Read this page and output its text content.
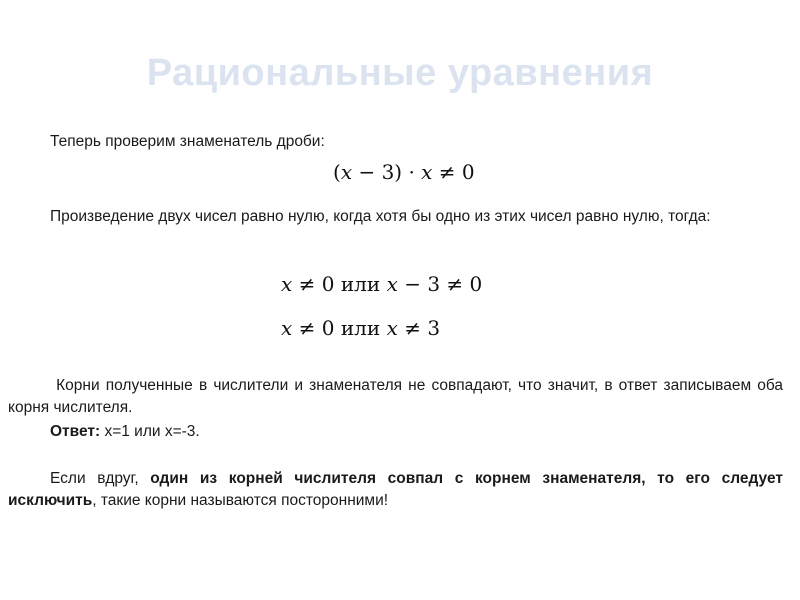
Рациональные уравнения
Теперь проверим знаменатель дроби:
(x − 3) · x ≠ 0
Произведение двух чисел равно нулю, когда хотя бы одно из этих чисел равно нулю, тогда:
x ≠ 0 или x − 3 ≠ 0
x ≠ 0 или x ≠ 3
Корни полученные в числители и знаменателя не совпадают, что значит, в ответ записываем оба корня числителя.
Ответ: x=1 или x=-3.
Если вдруг, один из корней числителя совпал с корнем знаменателя, то его следует исключить, такие корни называются посторонними!
